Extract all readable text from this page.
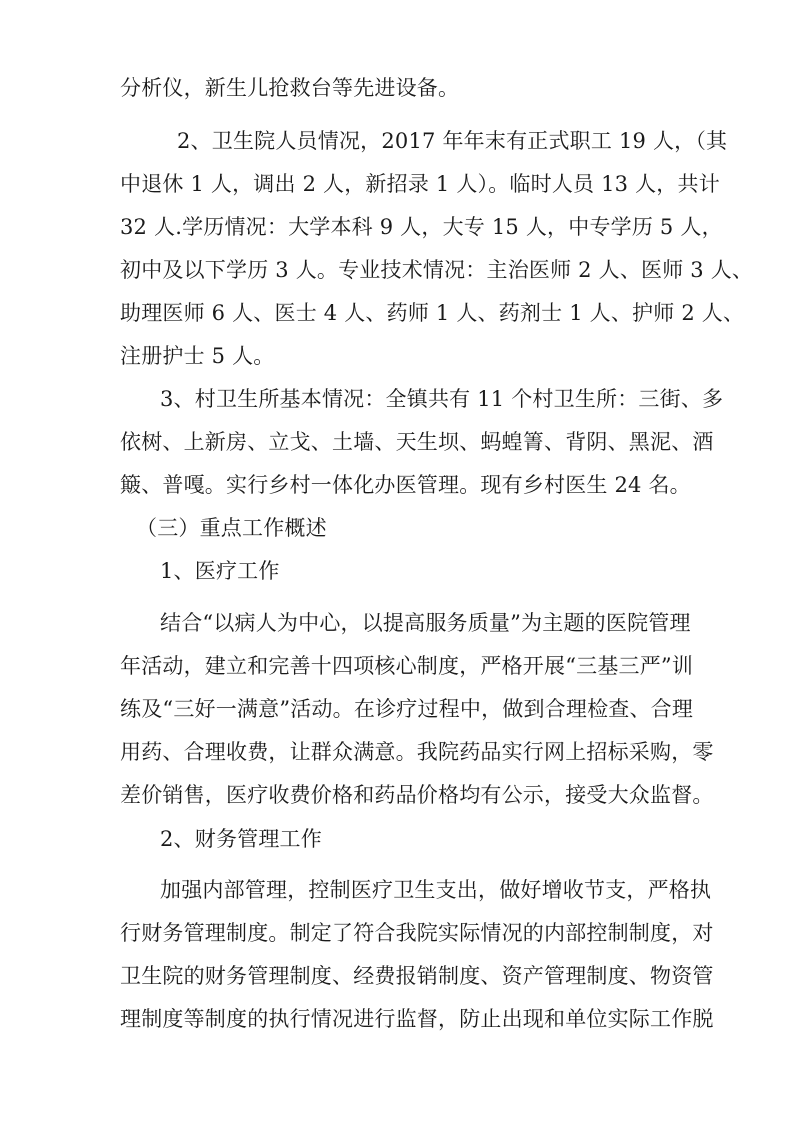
分析仪，新生儿抢救台等先进设备。
2、卫生院人员情况，2017 年年末有正式职工 19 人，（其
中退休 1 人，调出 2 人，新招录 1 人）。临时人员 13 人，共计
32 人.学历情况：大学本科 9 人，大专 15 人，中专学历 5 人，
初中及以下学历 3 人。专业技术情况：主治医师 2 人、医师 3 人、
助理医师 6 人、医士 4 人、药师 1 人、药剂士 1 人、护师 2 人、
注册护士 5 人。
3、村卫生所基本情况：全镇共有 11 个村卫生所：三街、多
依树、上新房、立戈、土墙、天生坝、蚂蝗箐、背阴、黑泥、酒
簸、普嘎。实行乡村一体化办医管理。现有乡村医生 24 名。
（三）重点工作概述
1、医疗工作
结合“以病人为中心，以提高服务质量”为主题的医院管理
年活动，建立和完善十四项核心制度，严格开展“三基三严”训
练及“三好一满意”活动。在诊疗过程中，做到合理检查、合理
用药、合理收费，让群众满意。我院药品实行网上招标采购，零
差价销售，医疗收费价格和药品价格均有公示，接受大众监督。
2、财务管理工作
加强内部管理，控制医疗卫生支出，做好增收节支，严格执
行财务管理制度。制定了符合我院实际情况的内部控制制度，对
卫生院的财务管理制度、经费报销制度、资产管理制度、物资管
理制度等制度的执行情况进行监督，防止出现和单位实际工作脱
